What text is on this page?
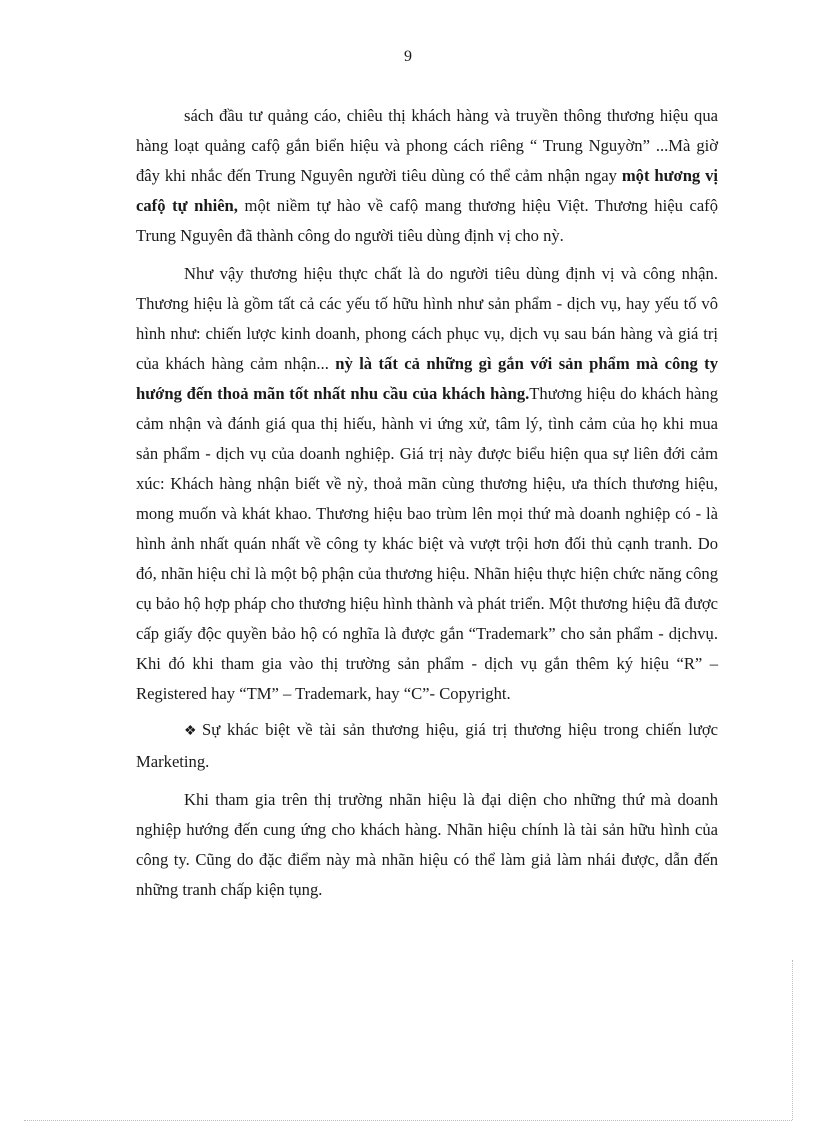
9

sách đầu tư quảng cáo, chiêu thị khách hàng và truyền thông thương hiệu qua hàng loạt quảng cafộ gắn biển hiệu và phong cách riêng “ Trung Nguyờn” ...Mà giờ đây khi nhắc đến Trung Nguyên người tiêu dùng có thể cảm nhận ngay một hương vị cafộ tự nhiên, một niềm tự hào về cafộ mang thương hiệu Việt. Thương hiệu cafộ Trung Nguyên đã thành công do người tiêu dùng định vị cho nỳ.

Như vậy thương hiệu thực chất là do người tiêu dùng định vị và công nhận. Thương hiệu là gồm tất cả các yếu tố hữu hình như sản phẩm - dịch vụ, hay yếu tố vô hình như: chiến lược kinh doanh, phong cách phục vụ, dịch vụ sau bán hàng và giá trị của khách hàng cảm nhận... nỳ là tất cả những gì gắn với sản phẩm mà công ty hướng đến thoả mãn tốt nhất nhu cầu của khách hàng.Thương hiệu do khách hàng cảm nhận và đánh giá qua thị hiếu, hành vi ứng xử, tâm lý, tình cảm của họ khi mua sản phẩm - dịch vụ của doanh nghiệp. Giá trị này được biểu hiện qua sự liên đới cảm xúc: Khách hàng nhận biết về nỳ, thoả mãn cùng thương hiệu, ưa thích thương hiệu, mong muốn và khát khao. Thương hiệu bao trùm lên mọi thứ mà doanh nghiệp có - là hình ảnh nhất quán nhất về công ty khác biệt và vượt trội hơn đối thủ cạnh tranh. Do đó, nhãn hiệu chỉ là một bộ phận của thương hiệu. Nhãn hiệu thực hiện chức năng công cụ bảo hộ hợp pháp cho thương hiệu hình thành và phát triển. Một thương hiệu đã được cấp giấy độc quyền bảo hộ có nghĩa là được gắn “Trademark” cho sản phẩm - dịchvụ. Khi đó khi tham gia vào thị trường sản phẩm - dịch vụ gắn thêm ký hiệu “R” – Registered hay “TM” – Trademark, hay “C”- Copyright.

❖ Sự khác biệt về tài sản thương hiệu, giá trị thương hiệu trong chiến lược Marketing.

Khi tham gia trên thị trường nhãn hiệu là đại diện cho những thứ mà doanh nghiệp hướng đến cung ứng cho khách hàng. Nhãn hiệu chính là tài sản hữu hình của công ty. Cũng do đặc điểm này mà nhãn hiệu có thể làm giả làm nhái được, dẫn đến những tranh chấp kiện tụng.
